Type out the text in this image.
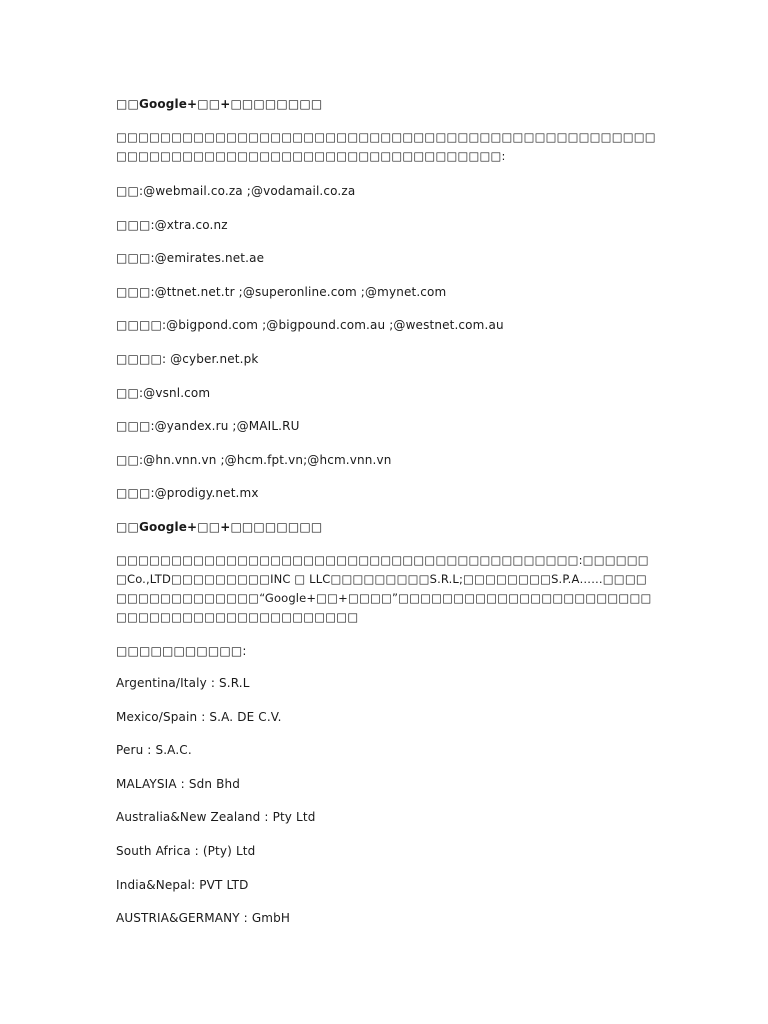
□□Google+□□+□□□□□□□□

□□□□□□□□□□□□□□□□□□□□□□□□□□□□□□□□□□□□□□□□□□□□□□□□□□□□□□□□□□□□□□□□□□□□□□□□□□□□□□□□□□□□:

□□:@webmail.co.za ;@vodamail.co.za

□□□:@xtra.co.nz

□□□:@emirates.net.ae

□□□:@ttnet.net.tr ;@superonline.com ;@mynet.com

□□□□:@bigpond.com ;@bigpound.com.au ;@westnet.com.au

□□□□: @cyber.net.pk

□□:@vsnl.com

□□□:@yandex.ru ;@MAIL.RU

□□:@hn.vnn.vn ;@hcm.fpt.vn;@hcm.vnn.vn

□□□:@prodigy.net.mx

□□Google+□□+□□□□□□□□

□□□□□□□□□□□□□□□□□□□□□□□□□□□□□□□□□□□□□□□□□□:□□□□□□□Co.,LTD□□□□□□□□□INC □ LLC□□□□□□□□□S.R.L;□□□□□□□□S.P.A……□□□□□□□□□□□□□□□□□“Google+□□+□□□□”□□□□□□□□□□□□□□□□□□□□□□□□□□□□□□□□□□□□□□□□□□□□□

□□□□□□□□□□□:

Argentina/Italy : S.R.L

Mexico/Spain : S.A. DE C.V.

Peru : S.A.C.

MALAYSIA : Sdn Bhd

Australia&New Zealand : Pty Ltd

South Africa : (Pty) Ltd

India&Nepal: PVT LTD

AUSTRIA&GERMANY : GmbH
